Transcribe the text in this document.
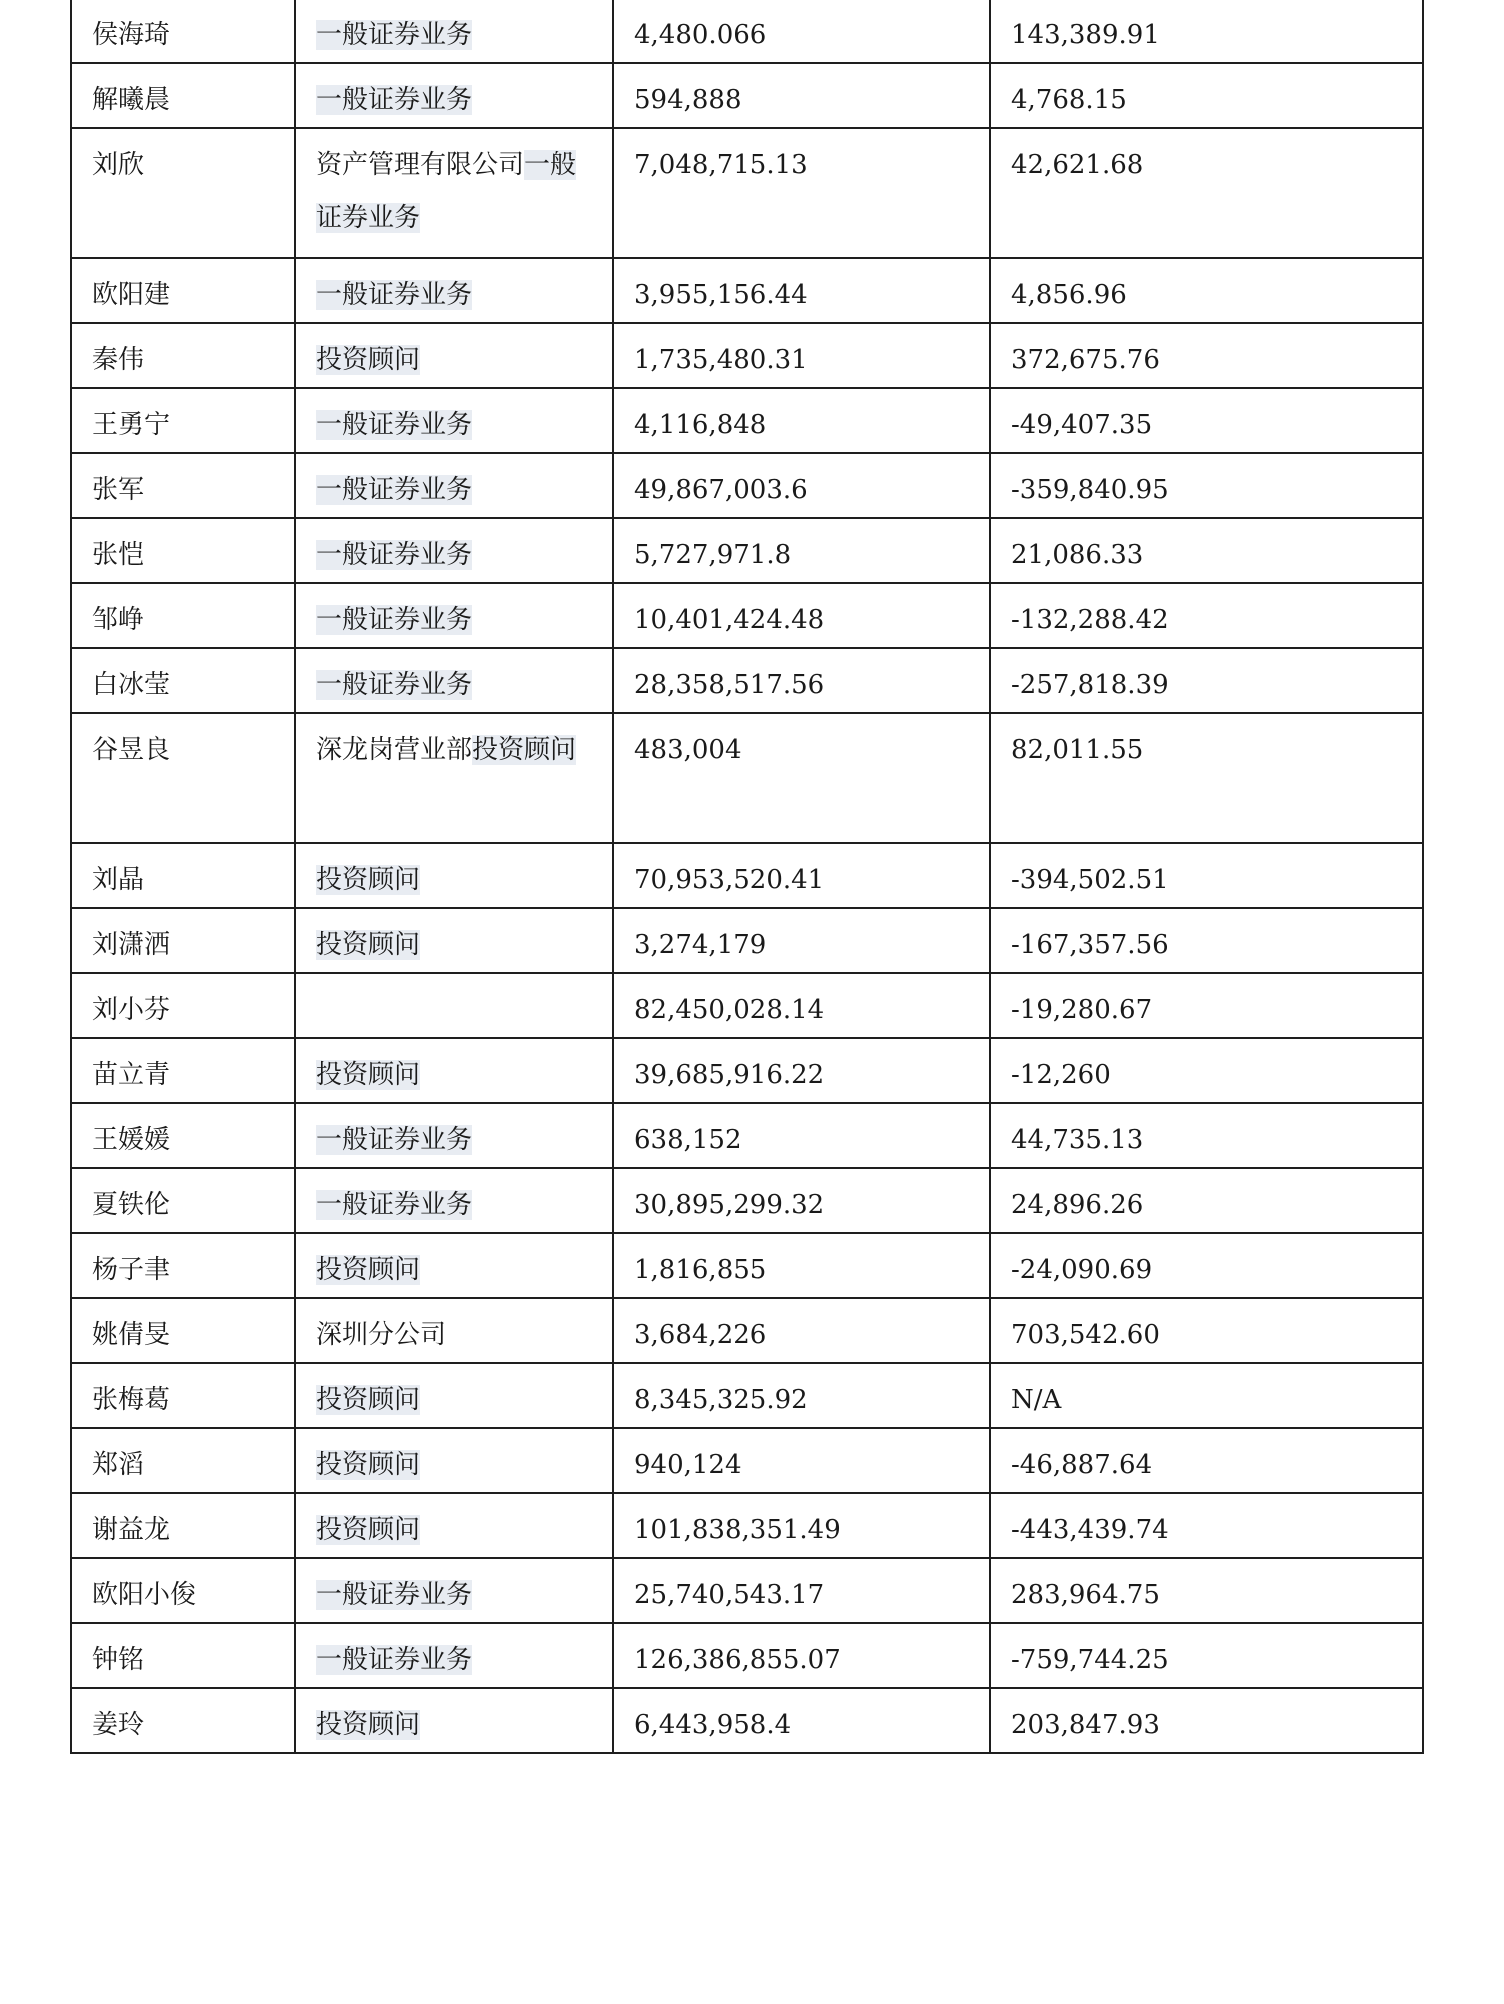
侯海琦	一般证券业务	4,480.066	143,389.91

解曦晨	一般证券业务	594,888	4,768.15

刘欣	资产管理有限公司一般证券业务	7,048,715.13	42,621.68

欧阳建	一般证券业务	3,955,156.44	4,856.96

秦伟	投资顾问	1,735,480.31	372,675.76

王勇宁	一般证券业务	4,116,848	-49,407.35

张军	一般证券业务	49,867,003.6	-359,840.95

张恺	一般证券业务	5,727,971.8	21,086.33

邹峥	一般证券业务	10,401,424.48	-132,288.42

白冰莹	一般证券业务	28,358,517.56	-257,818.39

谷昱良	深龙岗营业部投资顾问	483,004	82,011.55

刘晶	投资顾问	70,953,520.41	-394,502.51

刘潇洒	投资顾问	3,274,179	-167,357.56

刘小芬		82,450,028.14	-19,280.67

苗立青	投资顾问	39,685,916.22	-12,260

王媛媛	一般证券业务	638,152	44,735.13

夏铁伦	一般证券业务	30,895,299.32	24,896.26

杨子聿	投资顾问	1,816,855	-24,090.69

姚倩旻	深圳分公司	3,684,226	703,542.60

张梅葛	投资顾问	8,345,325.92	N/A

郑滔	投资顾问	940,124	-46,887.64

谢益龙	投资顾问	101,838,351.49	-443,439.74

欧阳小俊	一般证券业务	25,740,543.17	283,964.75

钟铭	一般证券业务	126,386,855.07	-759,744.25

姜玲	投资顾问	6,443,958.4	203,847.93
